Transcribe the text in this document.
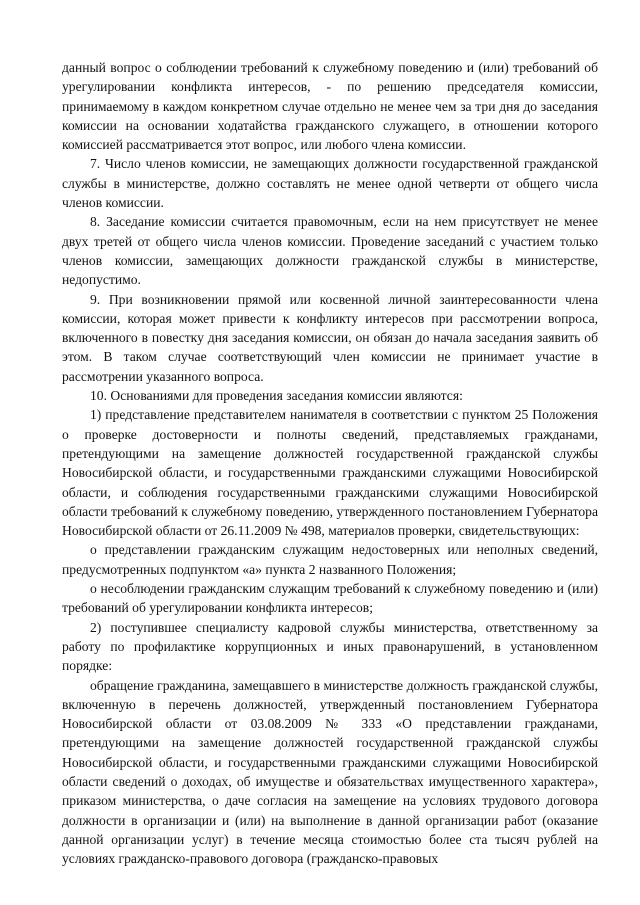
данный вопрос о соблюдении требований к служебному поведению и (или) требований об урегулировании конфликта интересов, - по решению председателя комиссии, принимаемому в каждом конкретном случае отдельно не менее чем за три дня до заседания комиссии на основании ходатайства гражданского служащего, в отношении которого комиссией рассматривается этот вопрос, или любого члена комиссии.

7. Число членов комиссии, не замещающих должности государственной гражданской службы в министерстве, должно составлять не менее одной четверти от общего числа членов комиссии.

8. Заседание комиссии считается правомочным, если на нем присутствует не менее двух третей от общего числа членов комиссии. Проведение заседаний с участием только членов комиссии, замещающих должности гражданской службы в министерстве, недопустимо.

9. При возникновении прямой или косвенной личной заинтересованности члена комиссии, которая может привести к конфликту интересов при рассмотрении вопроса, включенного в повестку дня заседания комиссии, он обязан до начала заседания заявить об этом. В таком случае соответствующий член комиссии не принимает участие в рассмотрении указанного вопроса.

10. Основаниями для проведения заседания комиссии являются:

1) представление представителем нанимателя в соответствии с пунктом 25 Положения о проверке достоверности и полноты сведений, представляемых гражданами, претендующими на замещение должностей государственной гражданской службы Новосибирской области, и государственными гражданскими служащими Новосибирской области, и соблюдения государственными гражданскими служащими Новосибирской области требований к служебному поведению, утвержденного постановлением Губернатора Новосибирской области от 26.11.2009 № 498, материалов проверки, свидетельствующих:

о представлении гражданским служащим недостоверных или неполных сведений, предусмотренных подпунктом «а» пункта 2 названного Положения;

о несоблюдении гражданским служащим требований к служебному поведению и (или) требований об урегулировании конфликта интересов;

2) поступившее специалисту кадровой службы министерства, ответственному за работу по профилактике коррупционных и иных правонарушений, в установленном порядке:

обращение гражданина, замещавшего в министерстве должность гражданской службы, включенную в перечень должностей, утвержденный постановлением Губернатора Новосибирской области от 03.08.2009 № 333 «О представлении гражданами, претендующими на замещение должностей государственной гражданской службы Новосибирской области, и государственными гражданскими служащими Новосибирской области сведений о доходах, об имуществе и обязательствах имущественного характера», приказом министерства, о даче согласия на замещение на условиях трудового договора должности в организации и (или) на выполнение в данной организации работ (оказание данной организации услуг) в течение месяца стоимостью более ста тысяч рублей на условиях гражданско-правового договора (гражданско-правовых
